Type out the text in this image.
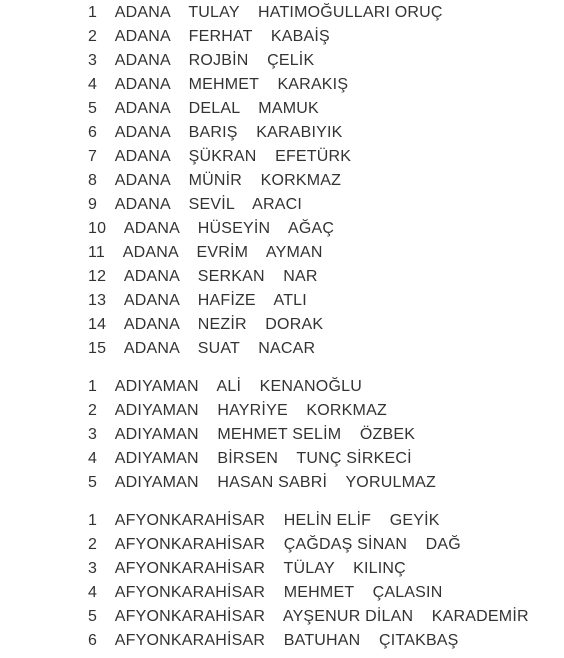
1    ADANA    TULAY    HATIMOĞULLARI ORUÇ
2    ADANA    FERHAT    KABAİŞ
3    ADANA    ROJBİN    ÇELİK
4    ADANA    MEHMET    KARAKIŞ
5    ADANA    DELAL    MAMUK
6    ADANA    BARIŞ    KARABIYIK
7    ADANA    ŞÜKRAN    EFETÜRK
8    ADANA    MÜNİR    KORKMAZ
9    ADANA    SEVİL    ARACI
10    ADANA    HÜSEYİN    AĞAÇ
11    ADANA    EVRİM    AYMAN
12    ADANA    SERKAN    NAR
13    ADANA    HAFİZE    ATLI
14    ADANA    NEZİR    DORAK
15    ADANA    SUAT    NACAR
1    ADIYAMAN    ALİ    KENANOĞLU
2    ADIYAMAN    HAYRİYE    KORKMAZ
3    ADIYAMAN    MEHMET SELİM    ÖZBEK
4    ADIYAMAN    BİRSEN    TUNÇ SİRKECİ
5    ADIYAMAN    HASAN SABRİ    YORULMAZ
1    AFYONKARAHİSAR    HELİN ELİF    GEYİK
2    AFYONKARAHİSAR    ÇAĞDAŞ SİNAN    DAĞ
3    AFYONKARAHİSAR    TÜLAY    KILINÇ
4    AFYONKARAHİSAR    MEHMET    ÇALASIN
5    AFYONKARAHİSAR    AYŞENUR DİLAN    KARADEMİR
6    AFYONKARAHİSAR    BATUHAN    ÇITAKBAŞ
